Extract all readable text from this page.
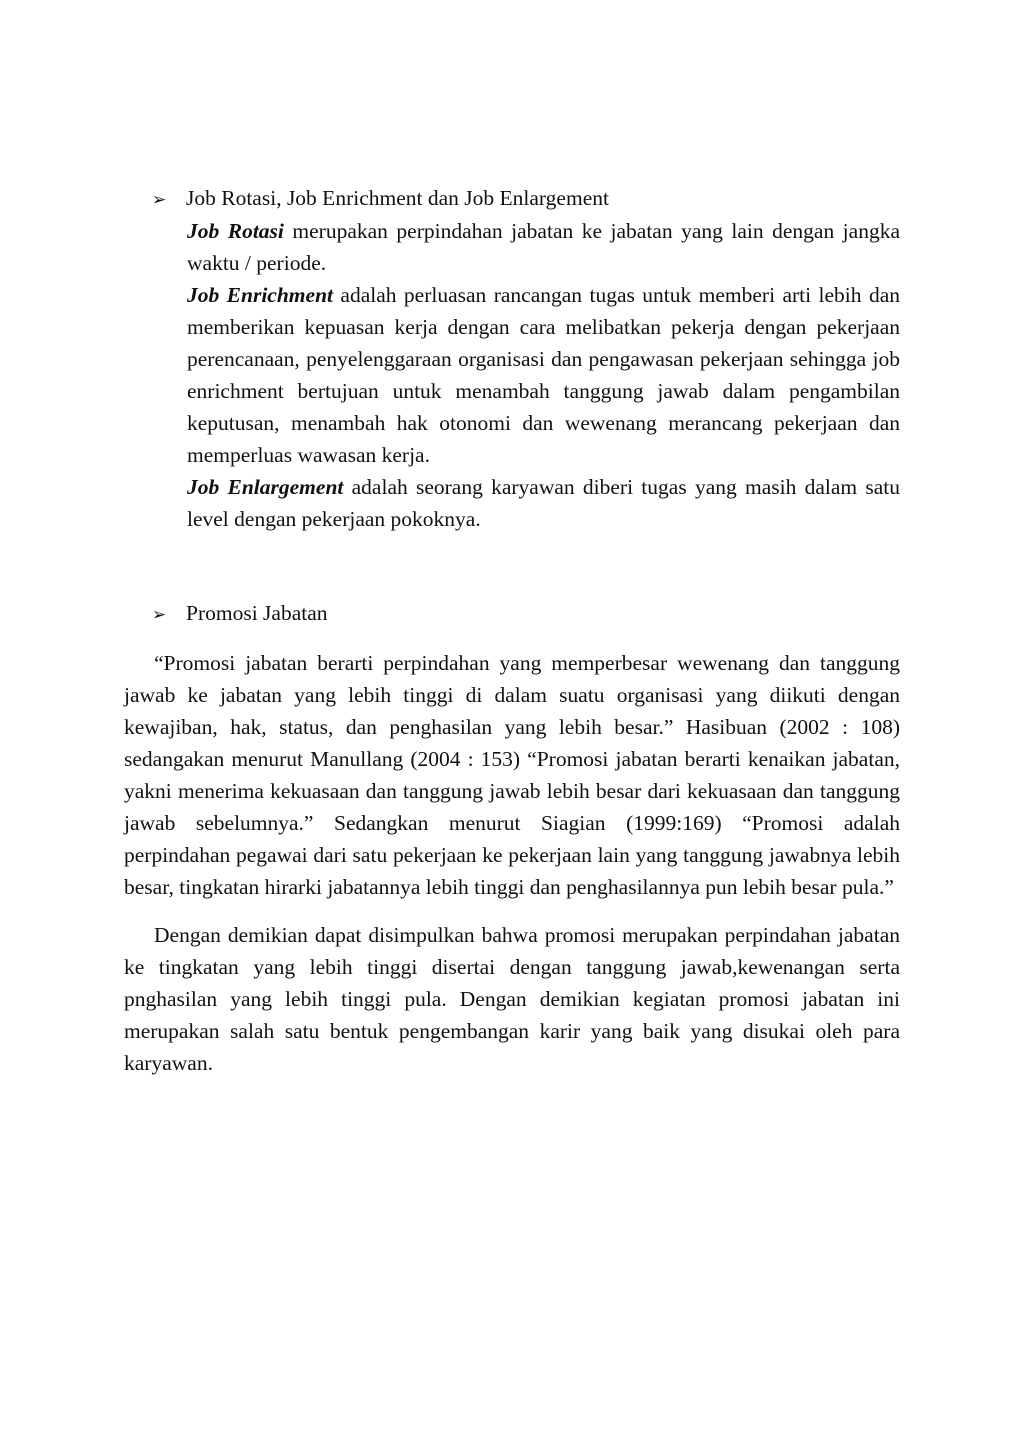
➢ Job Rotasi, Job Enrichment dan Job Enlargement

Job Rotasi merupakan perpindahan jabatan ke jabatan yang lain dengan jangka waktu / periode.

Job Enrichment adalah perluasan rancangan tugas untuk memberi arti lebih dan memberikan kepuasan kerja dengan cara melibatkan pekerja dengan pekerjaan perencanaan, penyelenggaraan organisasi dan pengawasan pekerjaan sehingga job enrichment bertujuan untuk menambah tanggung jawab dalam pengambilan keputusan, menambah hak otonomi dan wewenang merancang pekerjaan dan memperluas wawasan kerja.

Job Enlargement adalah seorang karyawan diberi tugas yang masih dalam satu level dengan pekerjaan pokoknya.

➢ Promosi Jabatan

“Promosi jabatan berarti perpindahan yang memperbesar wewenang dan tanggung jawab ke jabatan yang lebih tinggi di dalam suatu organisasi yang diikuti dengan kewajiban, hak, status, dan penghasilan yang lebih besar.” Hasibuan (2002 : 108) sedangakan menurut Manullang (2004 : 153) “Promosi jabatan berarti kenaikan jabatan, yakni menerima kekuasaan dan tanggung jawab lebih besar dari kekuasaan dan tanggung jawab sebelumnya.” Sedangkan menurut Siagian (1999:169) “Promosi adalah perpindahan pegawai dari satu pekerjaan ke pekerjaan lain yang tanggung jawabnya lebih besar, tingkatan hirarki jabatannya lebih tinggi dan penghasilannya pun lebih besar pula.”

Dengan demikian dapat disimpulkan bahwa promosi merupakan perpindahan jabatan ke tingkatan yang lebih tinggi disertai dengan tanggung jawab,kewenangan serta pnghasilan yang lebih tinggi pula. Dengan demikian kegiatan promosi jabatan ini merupakan salah satu bentuk pengembangan karir yang baik yang disukai oleh para karyawan.
